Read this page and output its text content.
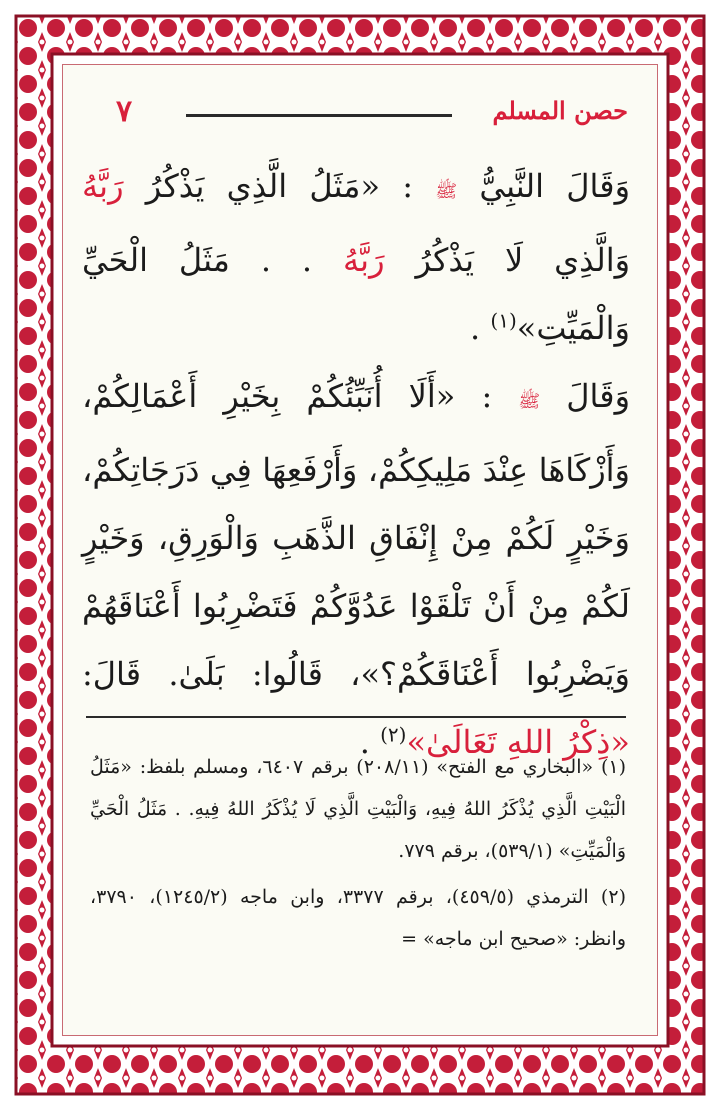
٧	حصن المسلم

وَقَالَ النَّبِيُّ ﷺ : «مَثَلُ الَّذِي يَذْكُرُ رَبَّهُ وَالَّذِي لَا يَذْكُرُ رَبَّهُ . . مَثَلُ الْحَيِّ وَالْمَيِّتِ»$^{(١)}$ .

وَقَالَ ﷺ : «أَلَا أُنَبِّئُكُمْ بِخَيْرِ أَعْمَالِكُمْ، وَأَزْكَاهَا عِنْدَ مَلِيكِكُمْ، وَأَرْفَعِهَا فِي دَرَجَاتِكُمْ، وَخَيْرٍ لَكُمْ مِنْ إِنْفَاقِ الذَّهَبِ وَالْوَرِقِ، وَخَيْرٍ لَكُمْ مِنْ أَنْ تَلْقَوْا عَدُوَّكُمْ فَتَضْرِبُوا أَعْنَاقَهُمْ وَيَضْرِبُوا أَعْنَاقَكُمْ؟»، قَالُوا: بَلَىٰ. قَالَ: «ذِكْرُ اللهِ تَعَالَىٰ»$^{(٢)}$ .

(١) «البخاري مع الفتح» (٢٠٨/١١) برقم ٦٤٠٧، ومسلم بلفظ: «مَثَلُ الْبَيْتِ الَّذِي يُذْكَرُ اللهُ فِيهِ، وَالْبَيْتِ الَّذِي لَا يُذْكَرُ اللهُ فِيهِ. . مَثَلُ الْحَيِّ وَالْمَيِّتِ» (٥٣٩/١)، برقم ٧٧٩.

(٢) الترمذي (٤٥٩/٥)، برقم ٣٣٧٧، وابن ماجه (١٢٤٥/٢)، ٣٧٩٠، وانظر: «صحيح ابن ماجه» =
